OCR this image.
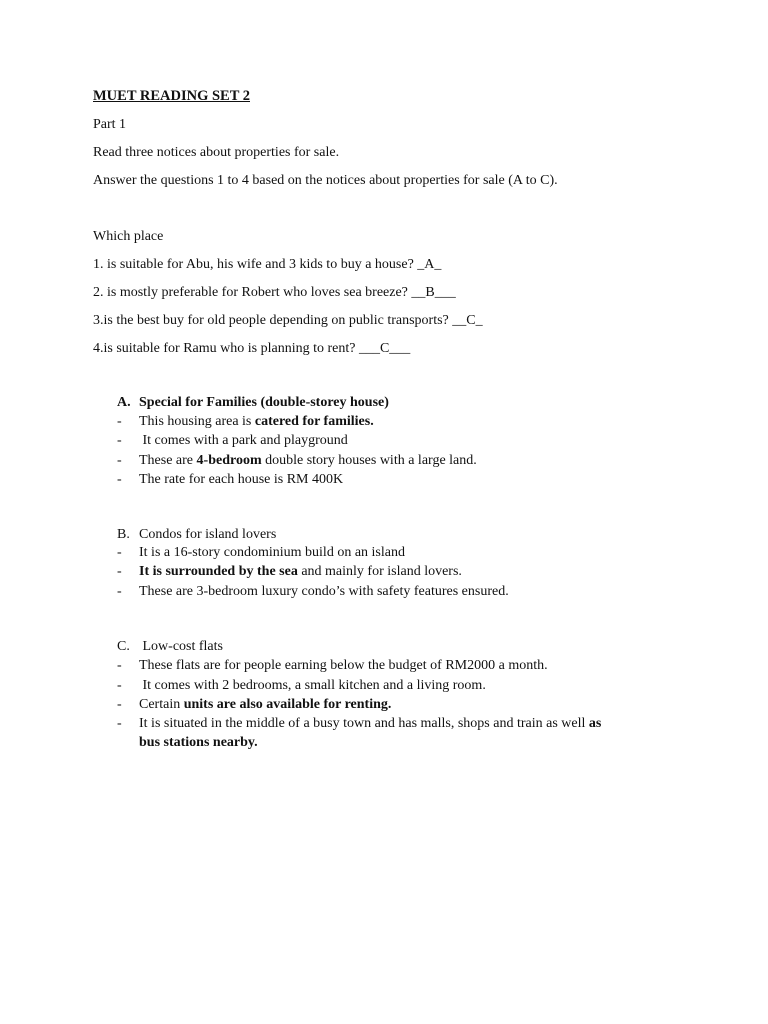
MUET READING SET 2
Part 1
Read three notices about properties for sale.
Answer the questions 1 to 4 based on the notices about properties for sale (A to C).
Which place
1. is suitable for Abu, his wife and 3 kids to buy a house? _A_
2. is mostly preferable for Robert who loves sea breeze? __B___
3.is the best buy for old people depending on public transports? __C_
4.is suitable for Ramu who is planning to rent? ___C___
A. Special for Families (double-storey house)
- This housing area is catered for families.
- It comes with a park and playground
- These are 4-bedroom double story houses with a large land.
- The rate for each house is RM 400K
B. Condos for island lovers
- It is a 16-story condominium build on an island
- It is surrounded by the sea and mainly for island lovers.
- These are 3-bedroom luxury condo’s with safety features ensured.
C. Low-cost flats
- These flats are for people earning below the budget of RM2000 a month.
- It comes with 2 bedrooms, a small kitchen and a living room.
- Certain units are also available for renting.
- It is situated in the middle of a busy town and has malls, shops and train as well as
bus stations nearby.
